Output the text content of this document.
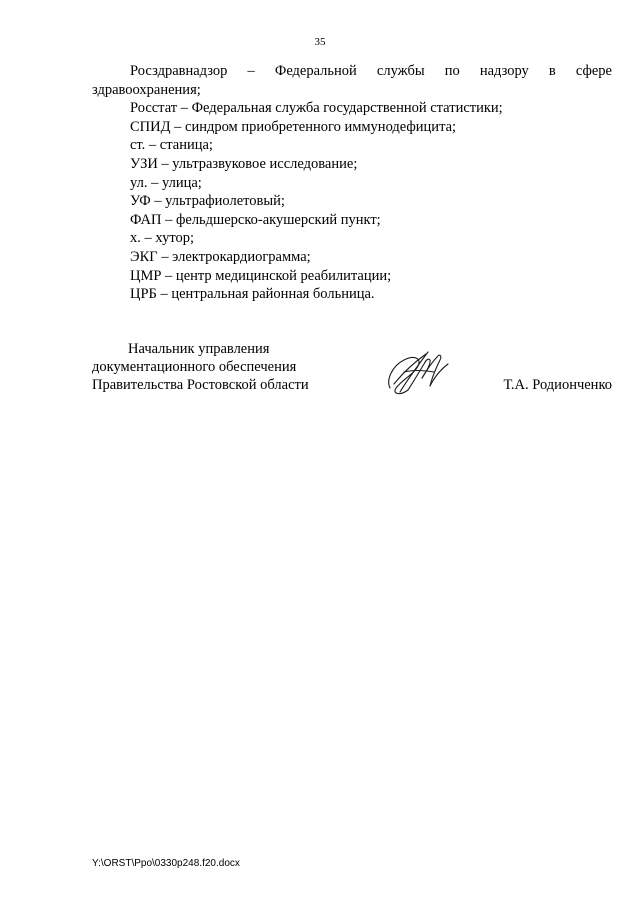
35

Росздравнадзор – Федеральной службы по надзору в сфере

здравоохранения;

Росстат – Федеральная служба государственной статистики;

СПИД – синдром приобретенного иммунодефицита;

ст. – станица;

УЗИ – ультразвуковое исследование;

ул. – улица;

УФ – ультрафиолетовый;

ФАП – фельдшерско-акушерский пункт;

х. – хутор;

ЭКГ – электрокардиограмма;

ЦМР – центр медицинской реабилитации;

ЦРБ – центральная районная больница.

Начальник управления
документационного обеспечения
Правительства Ростовской области	Т.А. Родионченко
Y:\ORST\Ppo\0330p248.f20.docx
